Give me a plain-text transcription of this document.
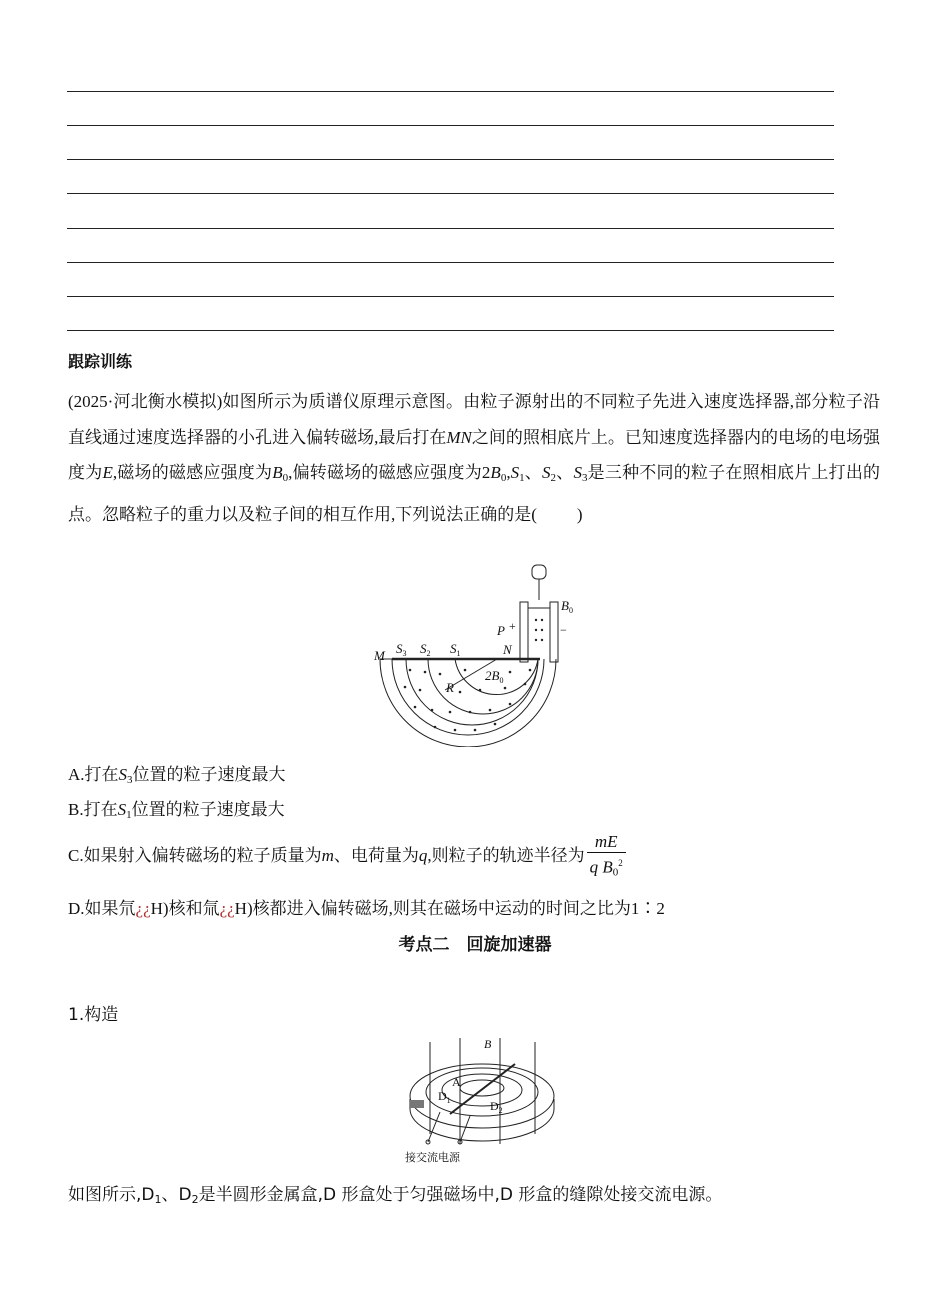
跟踪训练
(2025·河北衡水模拟)如图所示为质谱仪原理示意图。由粒子源射出的不同粒子先进入速度选择器,部分粒子沿直线通过速度选择器的小孔进入偏转磁场,最后打在MN之间的照相底片上。已知速度选择器内的电场的电场强度为E,磁场的磁感应强度为$B_0$,偏转磁场的磁感应强度为$2B_0,S_1$、$S_2$、$S_3$是三种不同的粒子在照相底片上打出的点。忽略粒子的重力以及粒子间的相互作用,下列说法正确的是( )
M $S_3$ $S_2$ $S_1$	N
P
$B_0$
R
$2B_0$
+	−
A.打在$S_3$位置的粒子速度最大
B.打在$S_1$位置的粒子速度最大
C.如果射入偏转磁场的粒子质量为m、电荷量为q,则粒子的轨迹半径为 $\frac{mE}{q B_0^2}$
D.如果氘¿¿H)核和氚¿¿H)核都进入偏转磁场,则其在磁场中运动的时间之比为1∶2
考点二　回旋加速器
1.构造
B
A
$D_1$	$D_2$
接交流电源
如图所示$,D_1$、$D_2$是半圆形金属盒,D 形盒处于匀强磁场中,D 形盒的缝隙处接交流电源。
